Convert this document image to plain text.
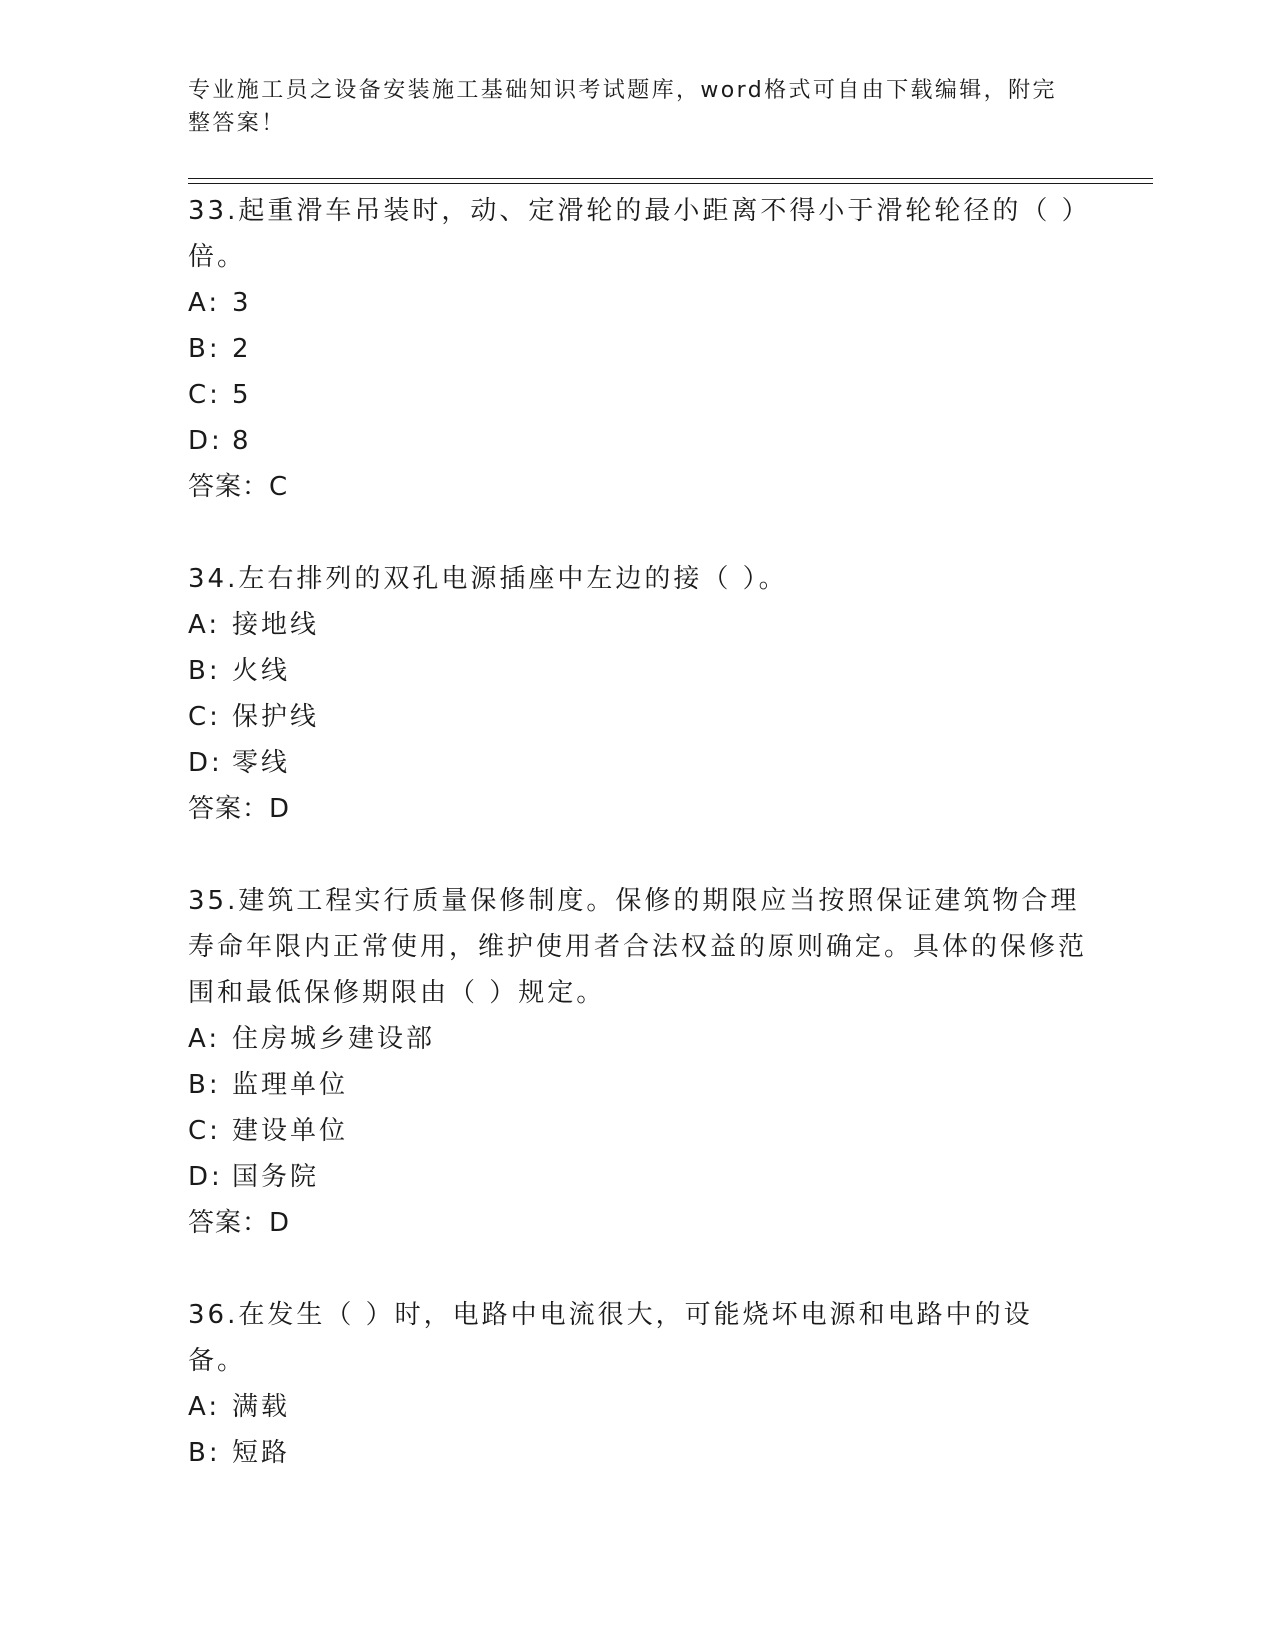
专业施工员之设备安装施工基础知识考试题库，word格式可自由下载编辑，附完整答案！

33.起重滑车吊装时，动、定滑轮的最小距离不得小于滑轮轮径的（ ）倍。

A: 3
B: 2
C: 5
D: 8

答案：C

34.左右排列的双孔电源插座中左边的接（ ）。

A: 接地线
B: 火线
C: 保护线
D: 零线

答案：D

35.建筑工程实行质量保修制度。保修的期限应当按照保证建筑物合理寿命年限内正常使用，维护使用者合法权益的原则确定。具体的保修范围和最低保修期限由（ ）规定。

A: 住房城乡建设部
B: 监理单位
C: 建设单位
D: 国务院

答案：D

36.在发生（ ）时，电路中电流很大，可能烧坏电源和电路中的设备。

A: 满载
B: 短路
